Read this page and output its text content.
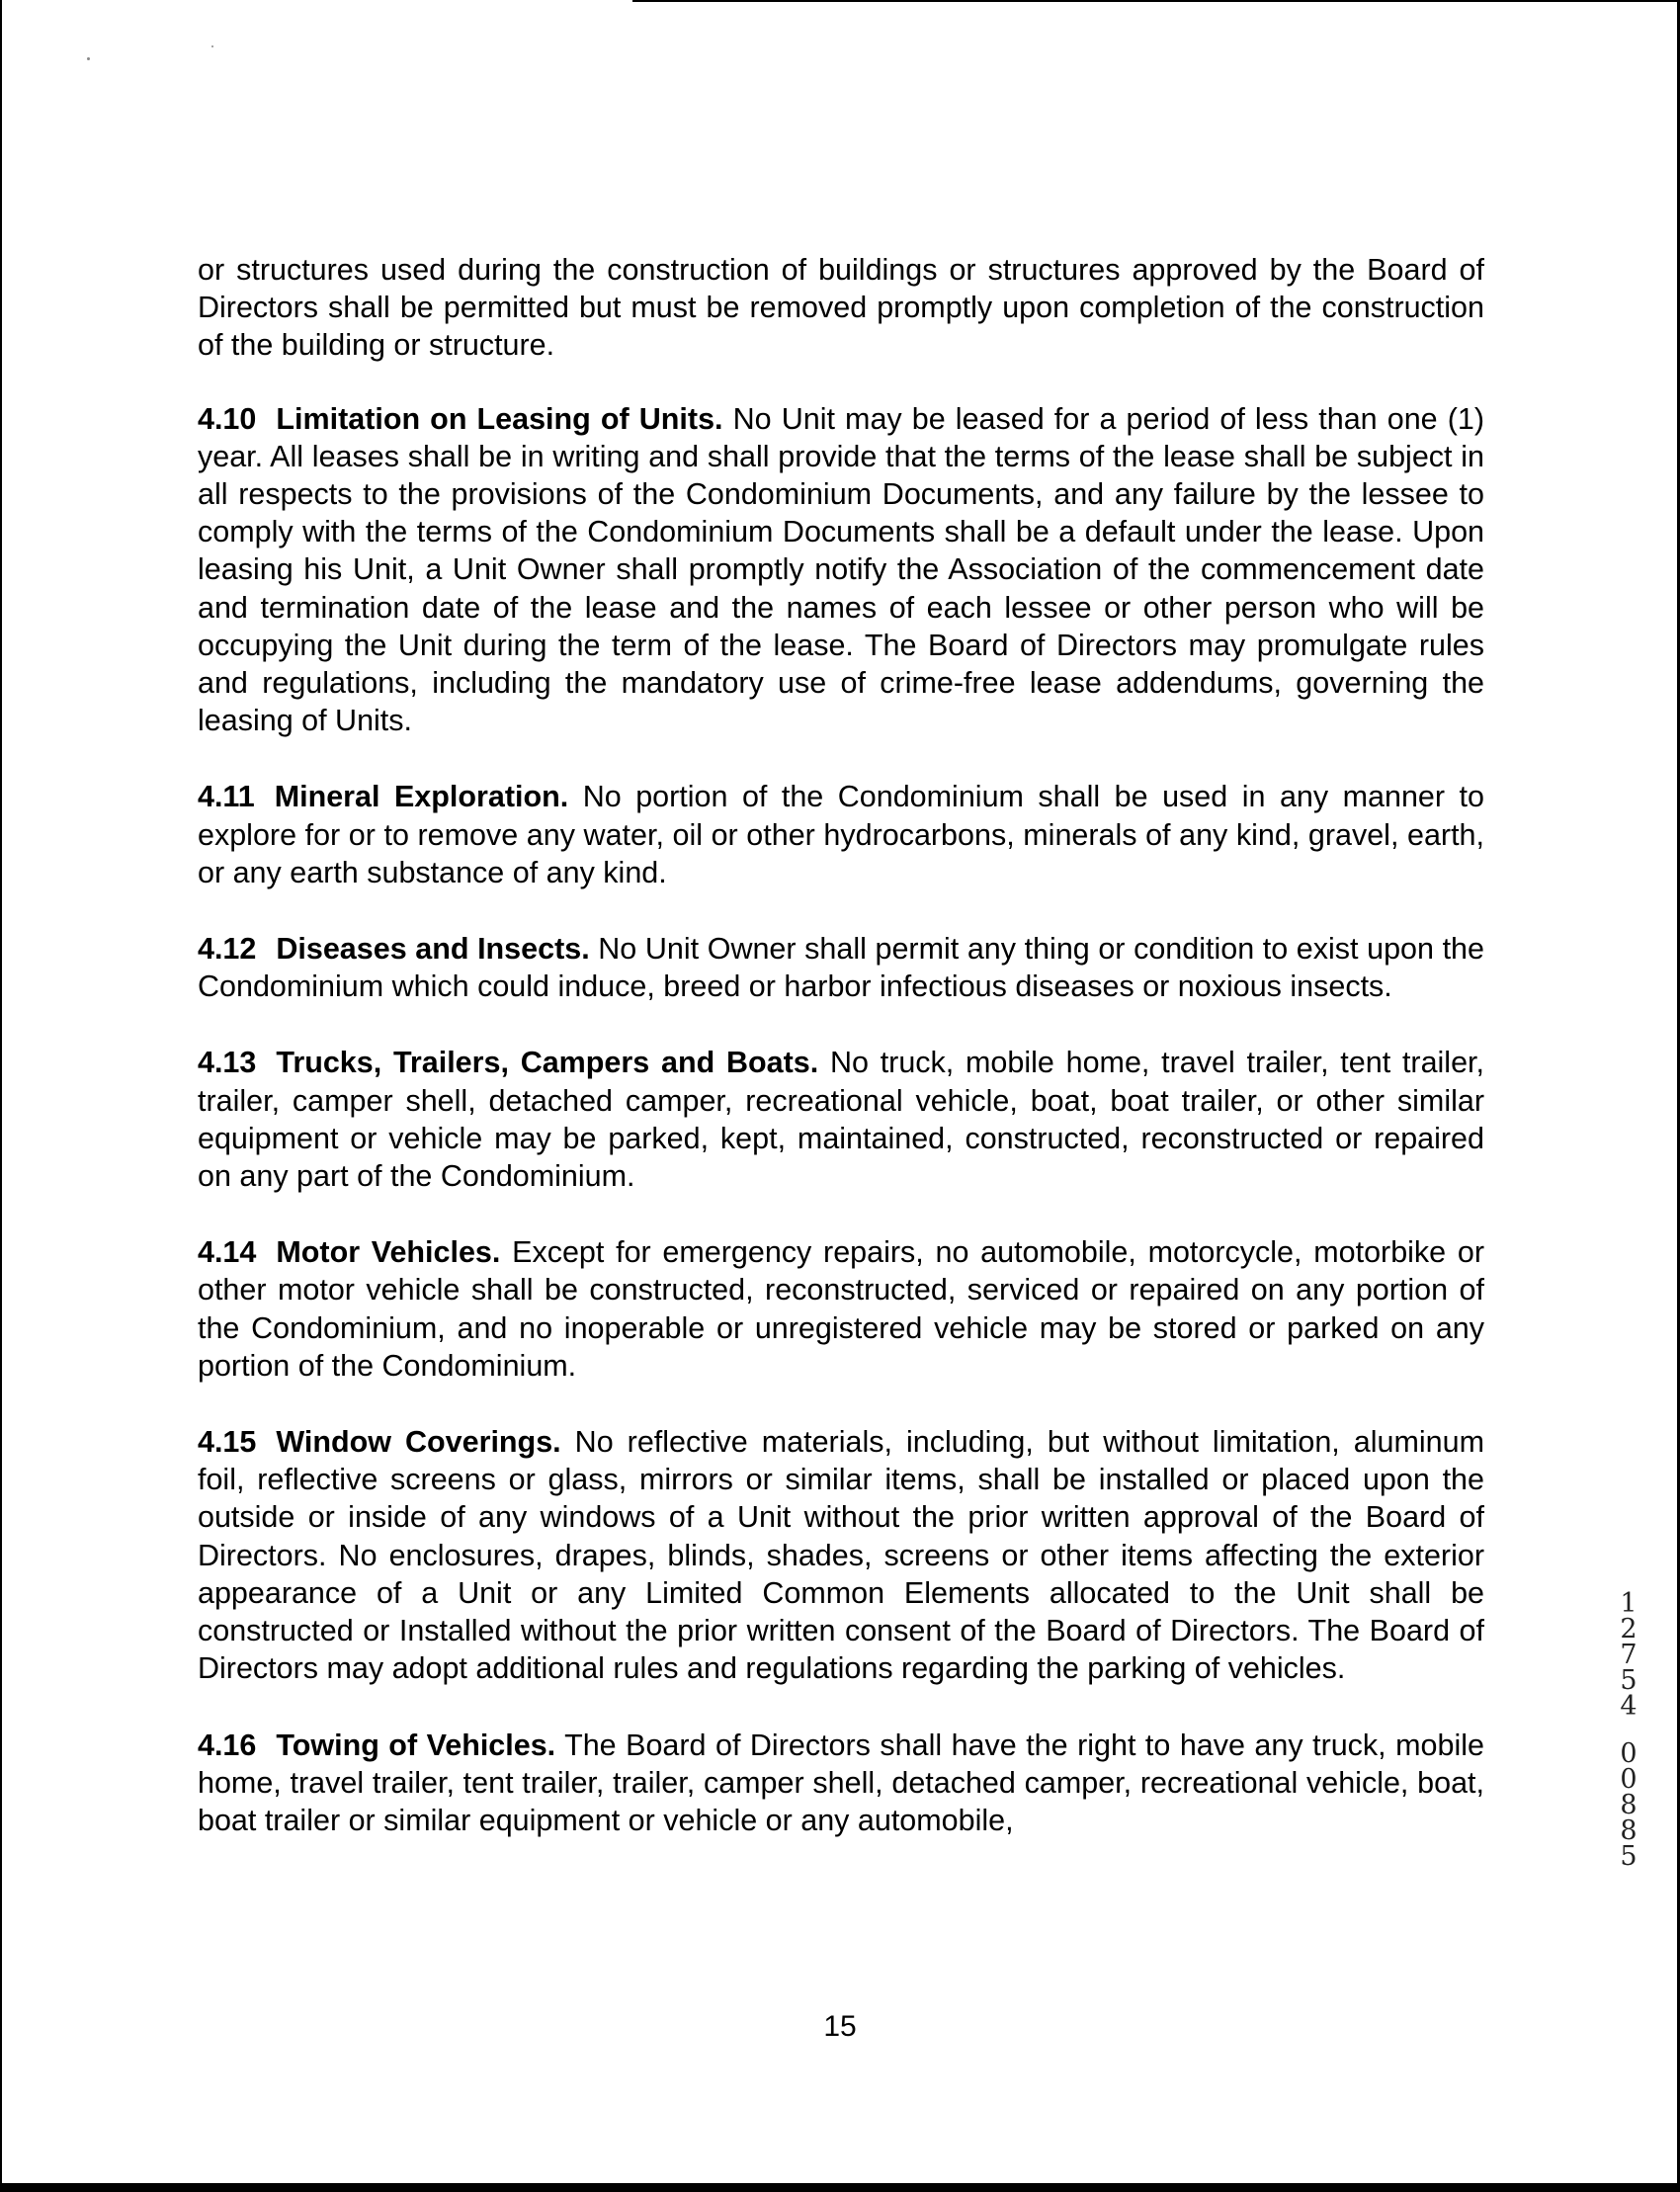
or structures used during the construction of buildings or structures approved by the Board of Directors shall be permitted but must be removed promptly upon completion of the construction of the building or structure.

4.10 Limitation on Leasing of Units. No Unit may be leased for a period of less than one (1) year. All leases shall be in writing and shall provide that the terms of the lease shall be subject in all respects to the provisions of the Condominium Documents, and any failure by the lessee to comply with the terms of the Condominium Documents shall be a default under the lease. Upon leasing his Unit, a Unit Owner shall promptly notify the Association of the commencement date and termination date of the lease and the names of each lessee or other person who will be occupying the Unit during the term of the lease. The Board of Directors may promulgate rules and regulations, including the mandatory use of crime-free lease addendums, governing the leasing of Units.

4.11 Mineral Exploration. No portion of the Condominium shall be used in any manner to explore for or to remove any water, oil or other hydrocarbons, minerals of any kind, gravel, earth, or any earth substance of any kind.

4.12 Diseases and Insects. No Unit Owner shall permit any thing or condition to exist upon the Condominium which could induce, breed or harbor infectious diseases or noxious insects.

4.13 Trucks, Trailers, Campers and Boats. No truck, mobile home, travel trailer, tent trailer, trailer, camper shell, detached camper, recreational vehicle, boat, boat trailer, or other similar equipment or vehicle may be parked, kept, maintained, constructed, reconstructed or repaired on any part of the Condominium.

4.14 Motor Vehicles. Except for emergency repairs, no automobile, motorcycle, motorbike or other motor vehicle shall be constructed, reconstructed, serviced or repaired on any portion of the Condominium, and no inoperable or unregistered vehicle may be stored or parked on any portion of the Condominium.

4.15 Window Coverings. No reflective materials, including, but without limitation, aluminum foil, reflective screens or glass, mirrors or similar items, shall be installed or placed upon the outside or inside of any windows of a Unit without the prior written approval of the Board of Directors. No enclosures, drapes, blinds, shades, screens or other items affecting the exterior appearance of a Unit or any Limited Common Elements allocated to the Unit shall be constructed or Installed without the prior written consent of the Board of Directors. The Board of Directors may adopt additional rules and regulations regarding the parking of vehicles.

4.16 Towing of Vehicles. The Board of Directors shall have the right to have any truck, mobile home, travel trailer, tent trailer, trailer, camper shell, detached camper, recreational vehicle, boat, boat trailer or similar equipment or vehicle or any automobile,

1
2
7
5
4
0
0
8
8
5
15
